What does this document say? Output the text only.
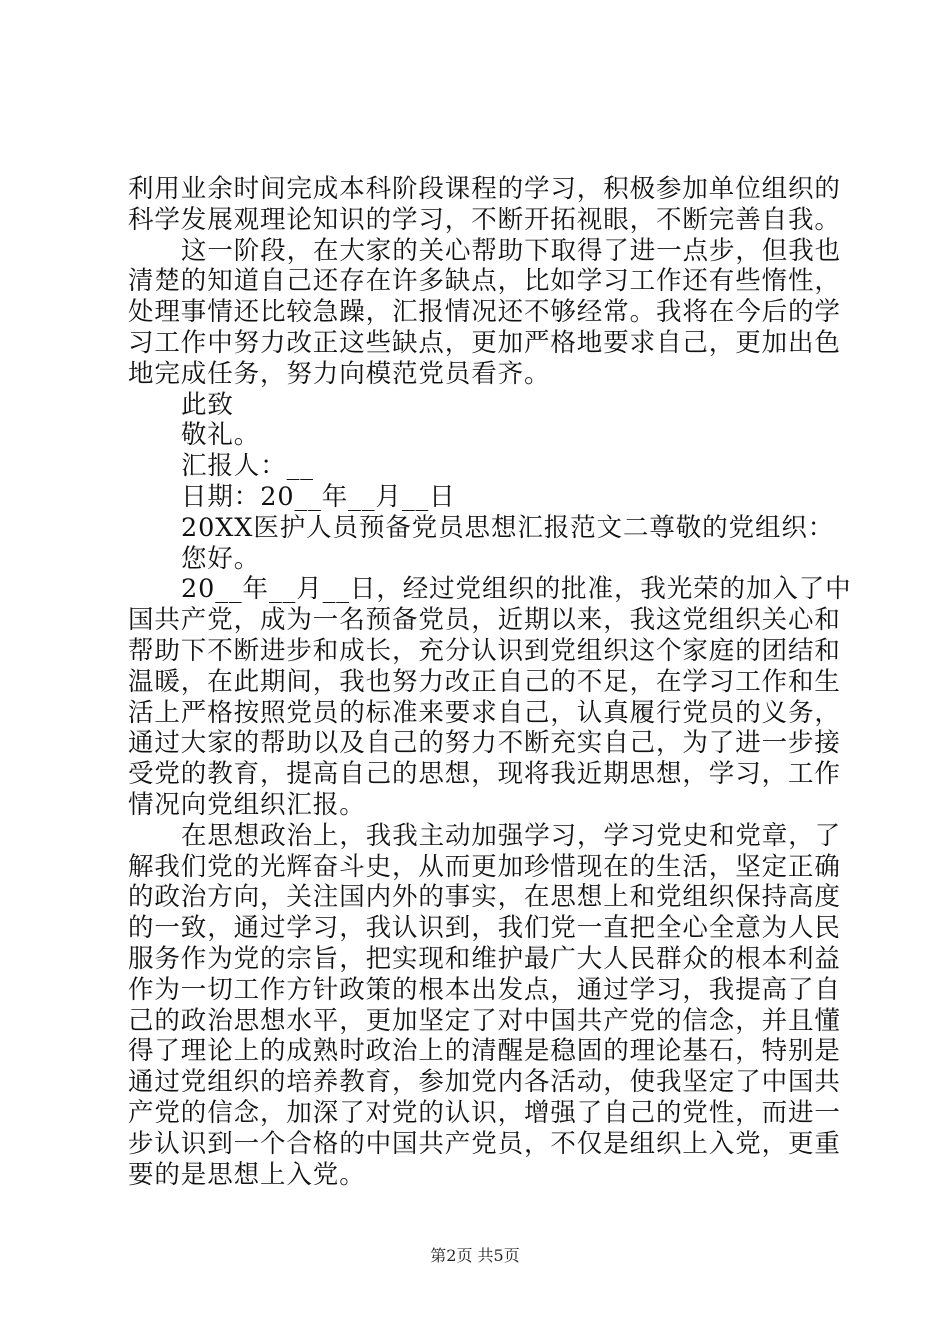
利用业余时间完成本科阶段课程的学习，积极参加单位组织的
科学发展观理论知识的学习，不断开拓视眼，不断完善自我。
这一阶段，在大家的关心帮助下取得了进一点步，但我也
清楚的知道自己还存在许多缺点，比如学习工作还有些惰性，
处理事情还比较急躁，汇报情况还不够经常。我将在今后的学
习工作中努力改正这些缺点，更加严格地要求自己，更加出色
地完成任务，努力向模范党员看齐。
此致
敬礼。
汇报人：__
日期：20__年__月__日
20XX医护人员预备党员思想汇报范文二尊敬的党组织：
您好。
20__年__月__日，经过党组织的批准，我光荣的加入了中
国共产党，成为一名预备党员，近期以来，我这党组织关心和
帮助下不断进步和成长，充分认识到党组织这个家庭的团结和
温暖，在此期间，我也努力改正自己的不足，在学习工作和生
活上严格按照党员的标准来要求自己，认真履行党员的义务，
通过大家的帮助以及自己的努力不断充实自己，为了进一步接
受党的教育，提高自己的思想，现将我近期思想，学习，工作
情况向党组织汇报。
在思想政治上，我我主动加强学习，学习党史和党章，了
解我们党的光辉奋斗史，从而更加珍惜现在的生活，坚定正确
的政治方向，关注国内外的事实，在思想上和党组织保持高度
的一致，通过学习，我认识到，我们党一直把全心全意为人民
服务作为党的宗旨，把实现和维护最广大人民群众的根本利益
作为一切工作方针政策的根本出发点，通过学习，我提高了自
己的政治思想水平，更加坚定了对中国共产党的信念，并且懂
得了理论上的成熟时政治上的清醒是稳固的理论基石，特别是
通过党组织的培养教育，参加党内各活动，使我坚定了中国共
产党的信念，加深了对党的认识，增强了自己的党性，而进一
步认识到一个合格的中国共产党员，不仅是组织上入党，更重
要的是思想上入党。
第2页 共5页
